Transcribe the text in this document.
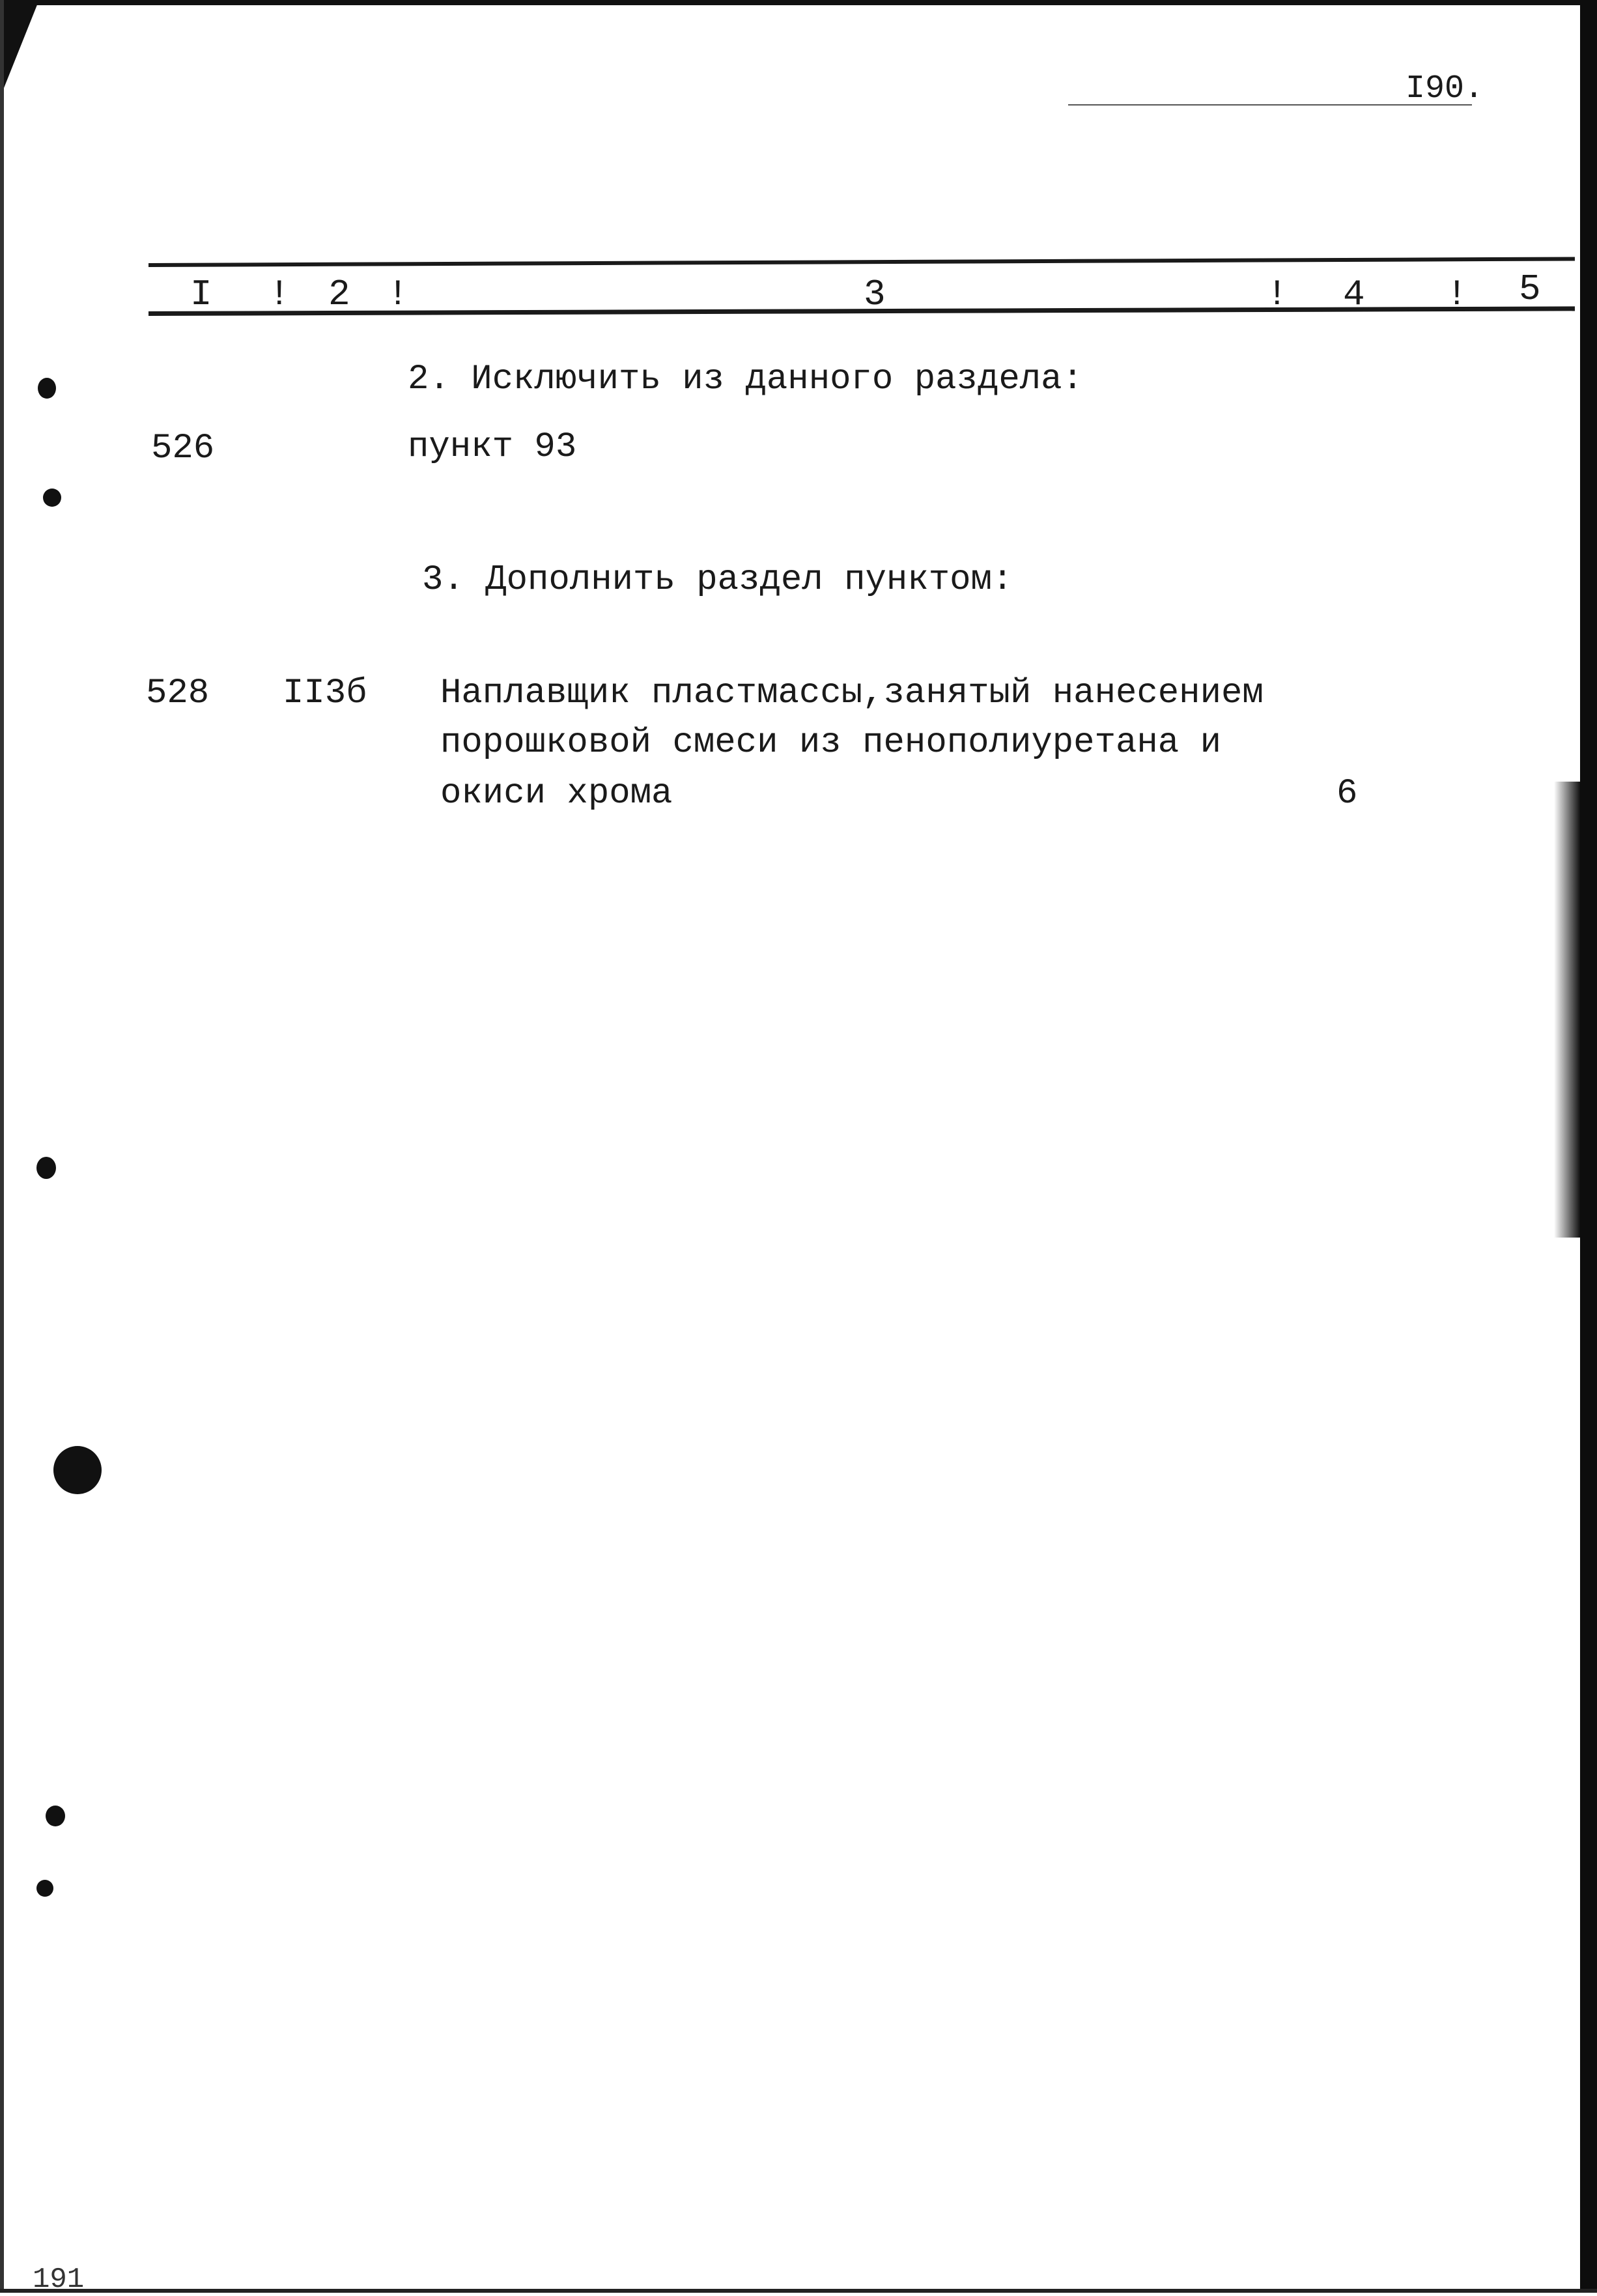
I90.
I ! 2 !	3	! 4 ! 5
2. Исключить из данного раздела:
526	пункт 93
3. Дополнить раздел пунктом:
528 II3б Наплавщик пластмассы,занятый нанесением
порошковой смеси из пенополиуретана и
окиси хрома	6
191
